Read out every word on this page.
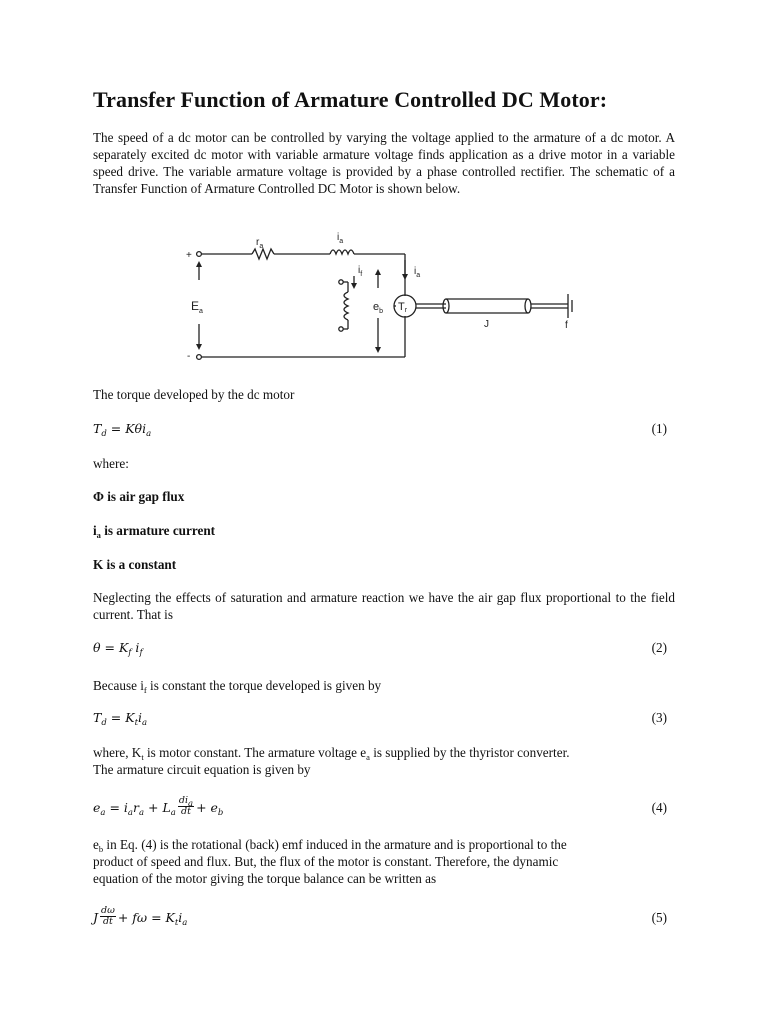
Transfer Function of Armature Controlled DC Motor:

The speed of a dc motor can be controlled by varying the voltage applied to the armature of a dc motor. A separately excited dc motor with variable armature voltage finds application as a drive motor in a variable speed drive. The variable armature voltage is provided by a phase controlled rectifier. The schematic of a Transfer Function of Armature Controlled DC Motor is shown below.

+
-
$E_a$
$r_a$
$i_a$
$i_f$	$i_a$
$e_b$ Tr
J	f

The torque developed by the dc motor

$T_d = K\theta i_a$	(1)

where:

Φ is air gap flux

$i_a$ is armature current

K is a constant

Neglecting the effects of saturation and armature reaction we have the air gap flux proportional to the field current. That is

$\theta = K_f$ $i_f$	(2)

Because $i_f$ is constant the torque developed is given by

$T_d = K_ti_a$	(3)

where, $K_t$ is motor constant. The armature voltage $e_a$ is supplied by the thyristor converter.

The armature circuit equation is given by

$e_a = i_ar_a + L_a \frac{di_a}{dt} + e_b$	(4)

$e_b$ in Eq. (4) is the rotational (back) emf induced in the armature and is proportional to the

product of speed and flux. But, the flux of the motor is constant. Therefore, the dynamic

equation of the motor giving the torque balance can be written as

J $\frac{d\omega}{dt} + f\omega = K_ti_a$	(5)
